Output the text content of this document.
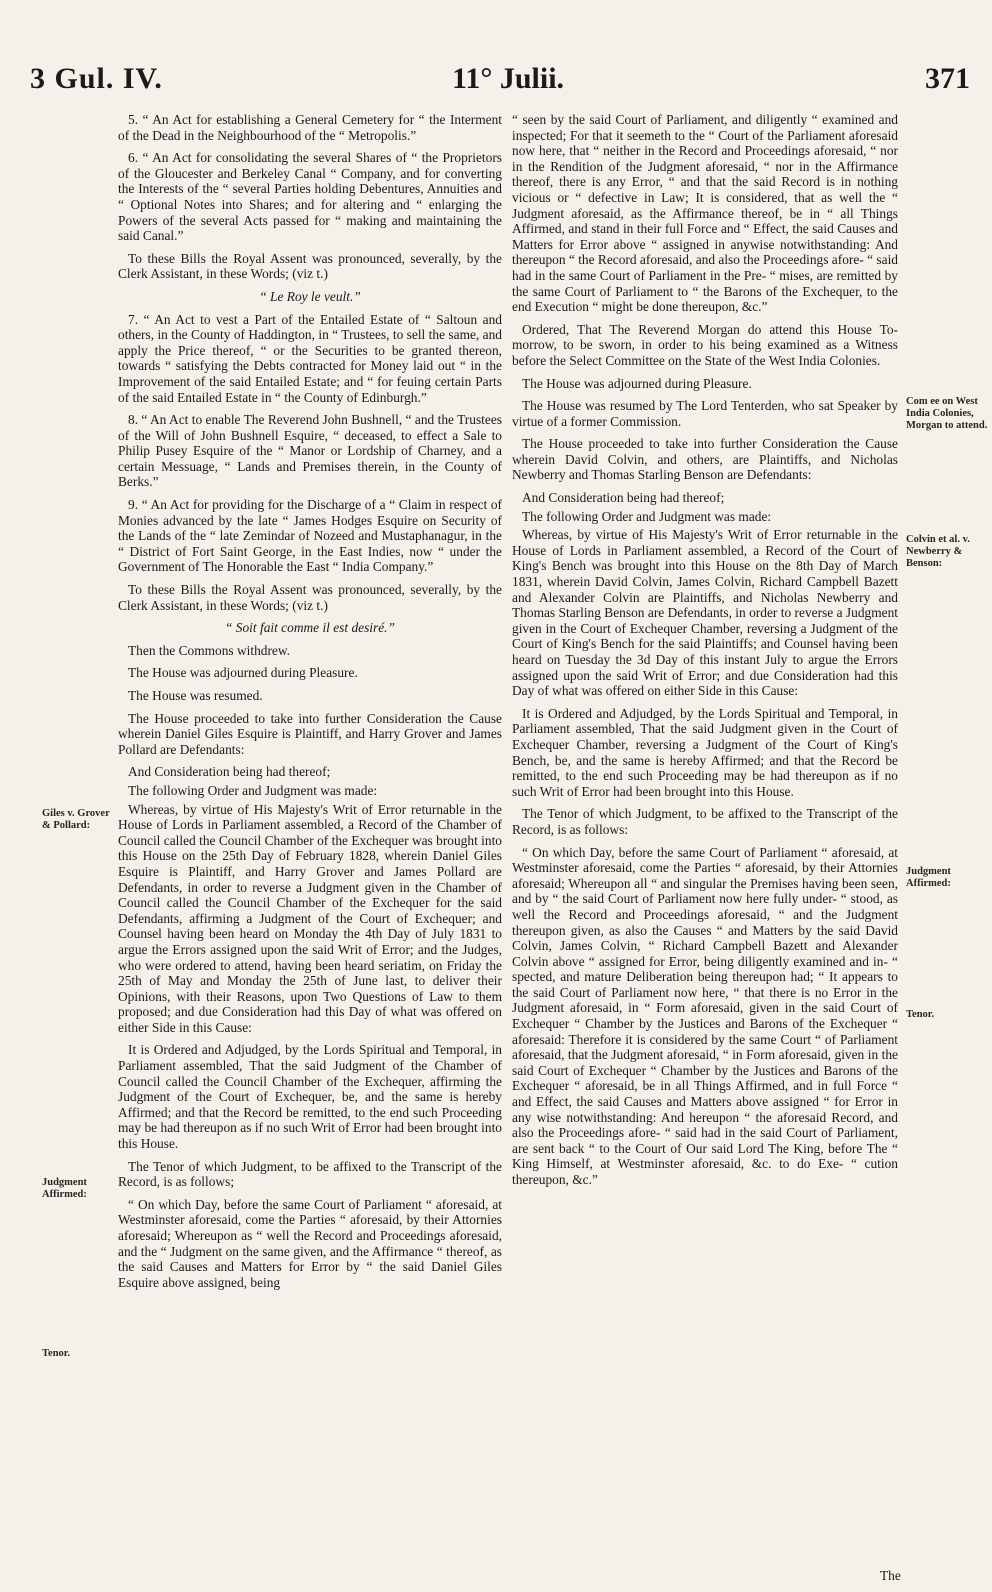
3 Gul. IV.	11° Julii.	371

5. “ An Act for establishing a General Cemetery for “ the Interment of the Dead in the Neighbourhood of the “ Metropolis.”

6. “ An Act for consolidating the several Shares of “ the Proprietors of the Gloucester and Berkeley Canal “ Company, and for converting the Interests of the “ several Parties holding Debentures, Annuities and “ Optional Notes into Shares; and for altering and “ enlarging the Powers of the several Acts passed for “ making and maintaining the said Canal.”

To these Bills the Royal Assent was pronounced, severally, by the Clerk Assistant, in these Words; (viz t.)

“ Le Roy le veult.”

7. “ An Act to vest a Part of the Entailed Estate of “ Saltoun and others, in the County of Haddington, in “ Trustees, to sell the same, and apply the Price thereof, “ or the Securities to be granted thereon, towards “ satisfying the Debts contracted for Money laid out “ in the Improvement of the said Entailed Estate; and “ for feuing certain Parts of the said Entailed Estate in “ the County of Edinburgh.”

8. “ An Act to enable The Reverend John Bushnell, “ and the Trustees of the Will of John Bushnell Esquire, “ deceased, to effect a Sale to Philip Pusey Esquire of the “ Manor or Lordship of Charney, and a certain Messuage, “ Lands and Premises therein, in the County of Berks.”

9. “ An Act for providing for the Discharge of a “ Claim in respect of Monies advanced by the late “ James Hodges Esquire on Security of the Lands of the “ late Zemindar of Nozeed and Mustaphanagur, in the “ District of Fort Saint George, in the East Indies, now “ under the Government of The Honorable the East “ India Company.”

To these Bills the Royal Assent was pronounced, severally, by the Clerk Assistant, in these Words; (viz t.)

“ Soit fait comme il est desiré.”

Then the Commons withdrew.

The House was adjourned during Pleasure.

The House was resumed.

The House proceeded to take into further Consideration the Cause wherein Daniel Giles Esquire is Plaintiff, and Harry Grover and James Pollard are Defendants:

And Consideration being had thereof;

The following Order and Judgment was made:

Whereas, by virtue of His Majesty's Writ of Error returnable in the House of Lords in Parliament assembled, a Record of the Chamber of Council called the Council Chamber of the Exchequer was brought into this House on the 25th Day of February 1828, wherein Daniel Giles Esquire is Plaintiff, and Harry Grover and James Pollard are Defendants, in order to reverse a Judgment given in the Chamber of Council called the Council Chamber of the Exchequer for the said Defendants, affirming a Judgment of the Court of Exchequer; and Counsel having been heard on Monday the 4th Day of July 1831 to argue the Errors assigned upon the said Writ of Error; and the Judges, who were ordered to attend, having been heard seriatim, on Friday the 25th of May and Monday the 25th of June last, to deliver their Opinions, with their Reasons, upon Two Questions of Law to them proposed; and due Consideration had this Day of what was offered on either Side in this Cause:

It is Ordered and Adjudged, by the Lords Spiritual and Temporal, in Parliament assembled, That the said Judgment of the Chamber of Council called the Council Chamber of the Exchequer, affirming the Judgment of the Court of Exchequer, be, and the same is hereby Affirmed; and that the Record be remitted, to the end such Proceeding may be had thereupon as if no such Writ of Error had been brought into this House.

The Tenor of which Judgment, to be affixed to the Transcript of the Record, is as follows;

“ On which Day, before the same Court of Parliament “ aforesaid, at Westminster aforesaid, come the Parties “ aforesaid, by their Attornies aforesaid; Whereupon as “ well the Record and Proceedings aforesaid, and the “ Judgment on the same given, and the Affirmance “ thereof, as the said Causes and Matters for Error by “ the said Daniel Giles Esquire above assigned, being

“ seen by the said Court of Parliament, and diligently “ examined and inspected; For that it seemeth to the “ Court of the Parliament aforesaid now here, that “ neither in the Record and Proceedings aforesaid, “ nor in the Rendition of the Judgment aforesaid, “ nor in the Affirmance thereof, there is any Error, “ and that the said Record is in nothing vicious or “ defective in Law; It is considered, that as well the “ Judgment aforesaid, as the Affirmance thereof, be in “ all Things Affirmed, and stand in their full Force and “ Effect, the said Causes and Matters for Error above “ assigned in anywise notwithstanding: And thereupon “ the Record aforesaid, and also the Proceedings afore- “ said had in the same Court of Parliament in the Pre- “ mises, are remitted by the same Court of Parliament to “ the Barons of the Exchequer, to the end Execution “ might be done thereupon, &c.”

Ordered, That The Reverend Morgan do attend this House To-morrow, to be sworn, in order to his being examined as a Witness before the Select Committee on the State of the West India Colonies.

The House was adjourned during Pleasure.

The House was resumed by The Lord Tenterden, who sat Speaker by virtue of a former Commission.

The House proceeded to take into further Consideration the Cause wherein David Colvin, and others, are Plaintiffs, and Nicholas Newberry and Thomas Starling Benson are Defendants:

And Consideration being had thereof;

The following Order and Judgment was made:

Whereas, by virtue of His Majesty's Writ of Error returnable in the House of Lords in Parliament assembled, a Record of the Court of King's Bench was brought into this House on the 8th Day of March 1831, wherein David Colvin, James Colvin, Richard Campbell Bazett and Alexander Colvin are Plaintiffs, and Nicholas Newberry and Thomas Starling Benson are Defendants, in order to reverse a Judgment given in the Court of Exchequer Chamber, reversing a Judgment of the Court of King's Bench for the said Plaintiffs; and Counsel having been heard on Tuesday the 3d Day of this instant July to argue the Errors assigned upon the said Writ of Error; and due Consideration had this Day of what was offered on either Side in this Cause:

It is Ordered and Adjudged, by the Lords Spiritual and Temporal, in Parliament assembled, That the said Judgment given in the Court of Exchequer Chamber, reversing a Judgment of the Court of King's Bench, be, and the same is hereby Affirmed; and that the Record be remitted, to the end such Proceeding may be had thereupon as if no such Writ of Error had been brought into this House.

The Tenor of which Judgment, to be affixed to the Transcript of the Record, is as follows:

“ On which Day, before the same Court of Parliament “ aforesaid, at Westminster aforesaid, come the Parties “ aforesaid, by their Attornies aforesaid; Whereupon all “ and singular the Premises having been seen, and by “ the said Court of Parliament now here fully under- “ stood, as well the Record and Proceedings aforesaid, “ and the Judgment thereupon given, as also the Causes “ and Matters by the said David Colvin, James Colvin, “ Richard Campbell Bazett and Alexander Colvin above “ assigned for Error, being diligently examined and in- “ spected, and mature Deliberation being thereupon had; “ It appears to the said Court of Parliament now here, “ that there is no Error in the Judgment aforesaid, in “ Form aforesaid, given in the said Court of Exchequer “ Chamber by the Justices and Barons of the Exchequer “ aforesaid: Therefore it is considered by the same Court “ of Parliament aforesaid, that the Judgment aforesaid, “ in Form aforesaid, given in the said Court of Exchequer “ Chamber by the Justices and Barons of the Exchequer “ aforesaid, be in all Things Affirmed, and in full Force “ and Effect, the said Causes and Matters above assigned “ for Error in any wise notwithstanding: And hereupon “ the aforesaid Record, and also the Proceedings afore- “ said had in the said Court of Parliament, are sent back “ to the Court of Our said Lord The King, before The “ King Himself, at Westminster aforesaid, &c. to do Exe- “ cution thereupon, &c.”

Giles v. Grover & Pollard:
Judgment Affirmed:
Tenor.
Com ee on West India Colonies, Morgan to attend.
Colvin et al. v. Newberry & Benson:
Judgment Affirmed:
Tenor.
The
